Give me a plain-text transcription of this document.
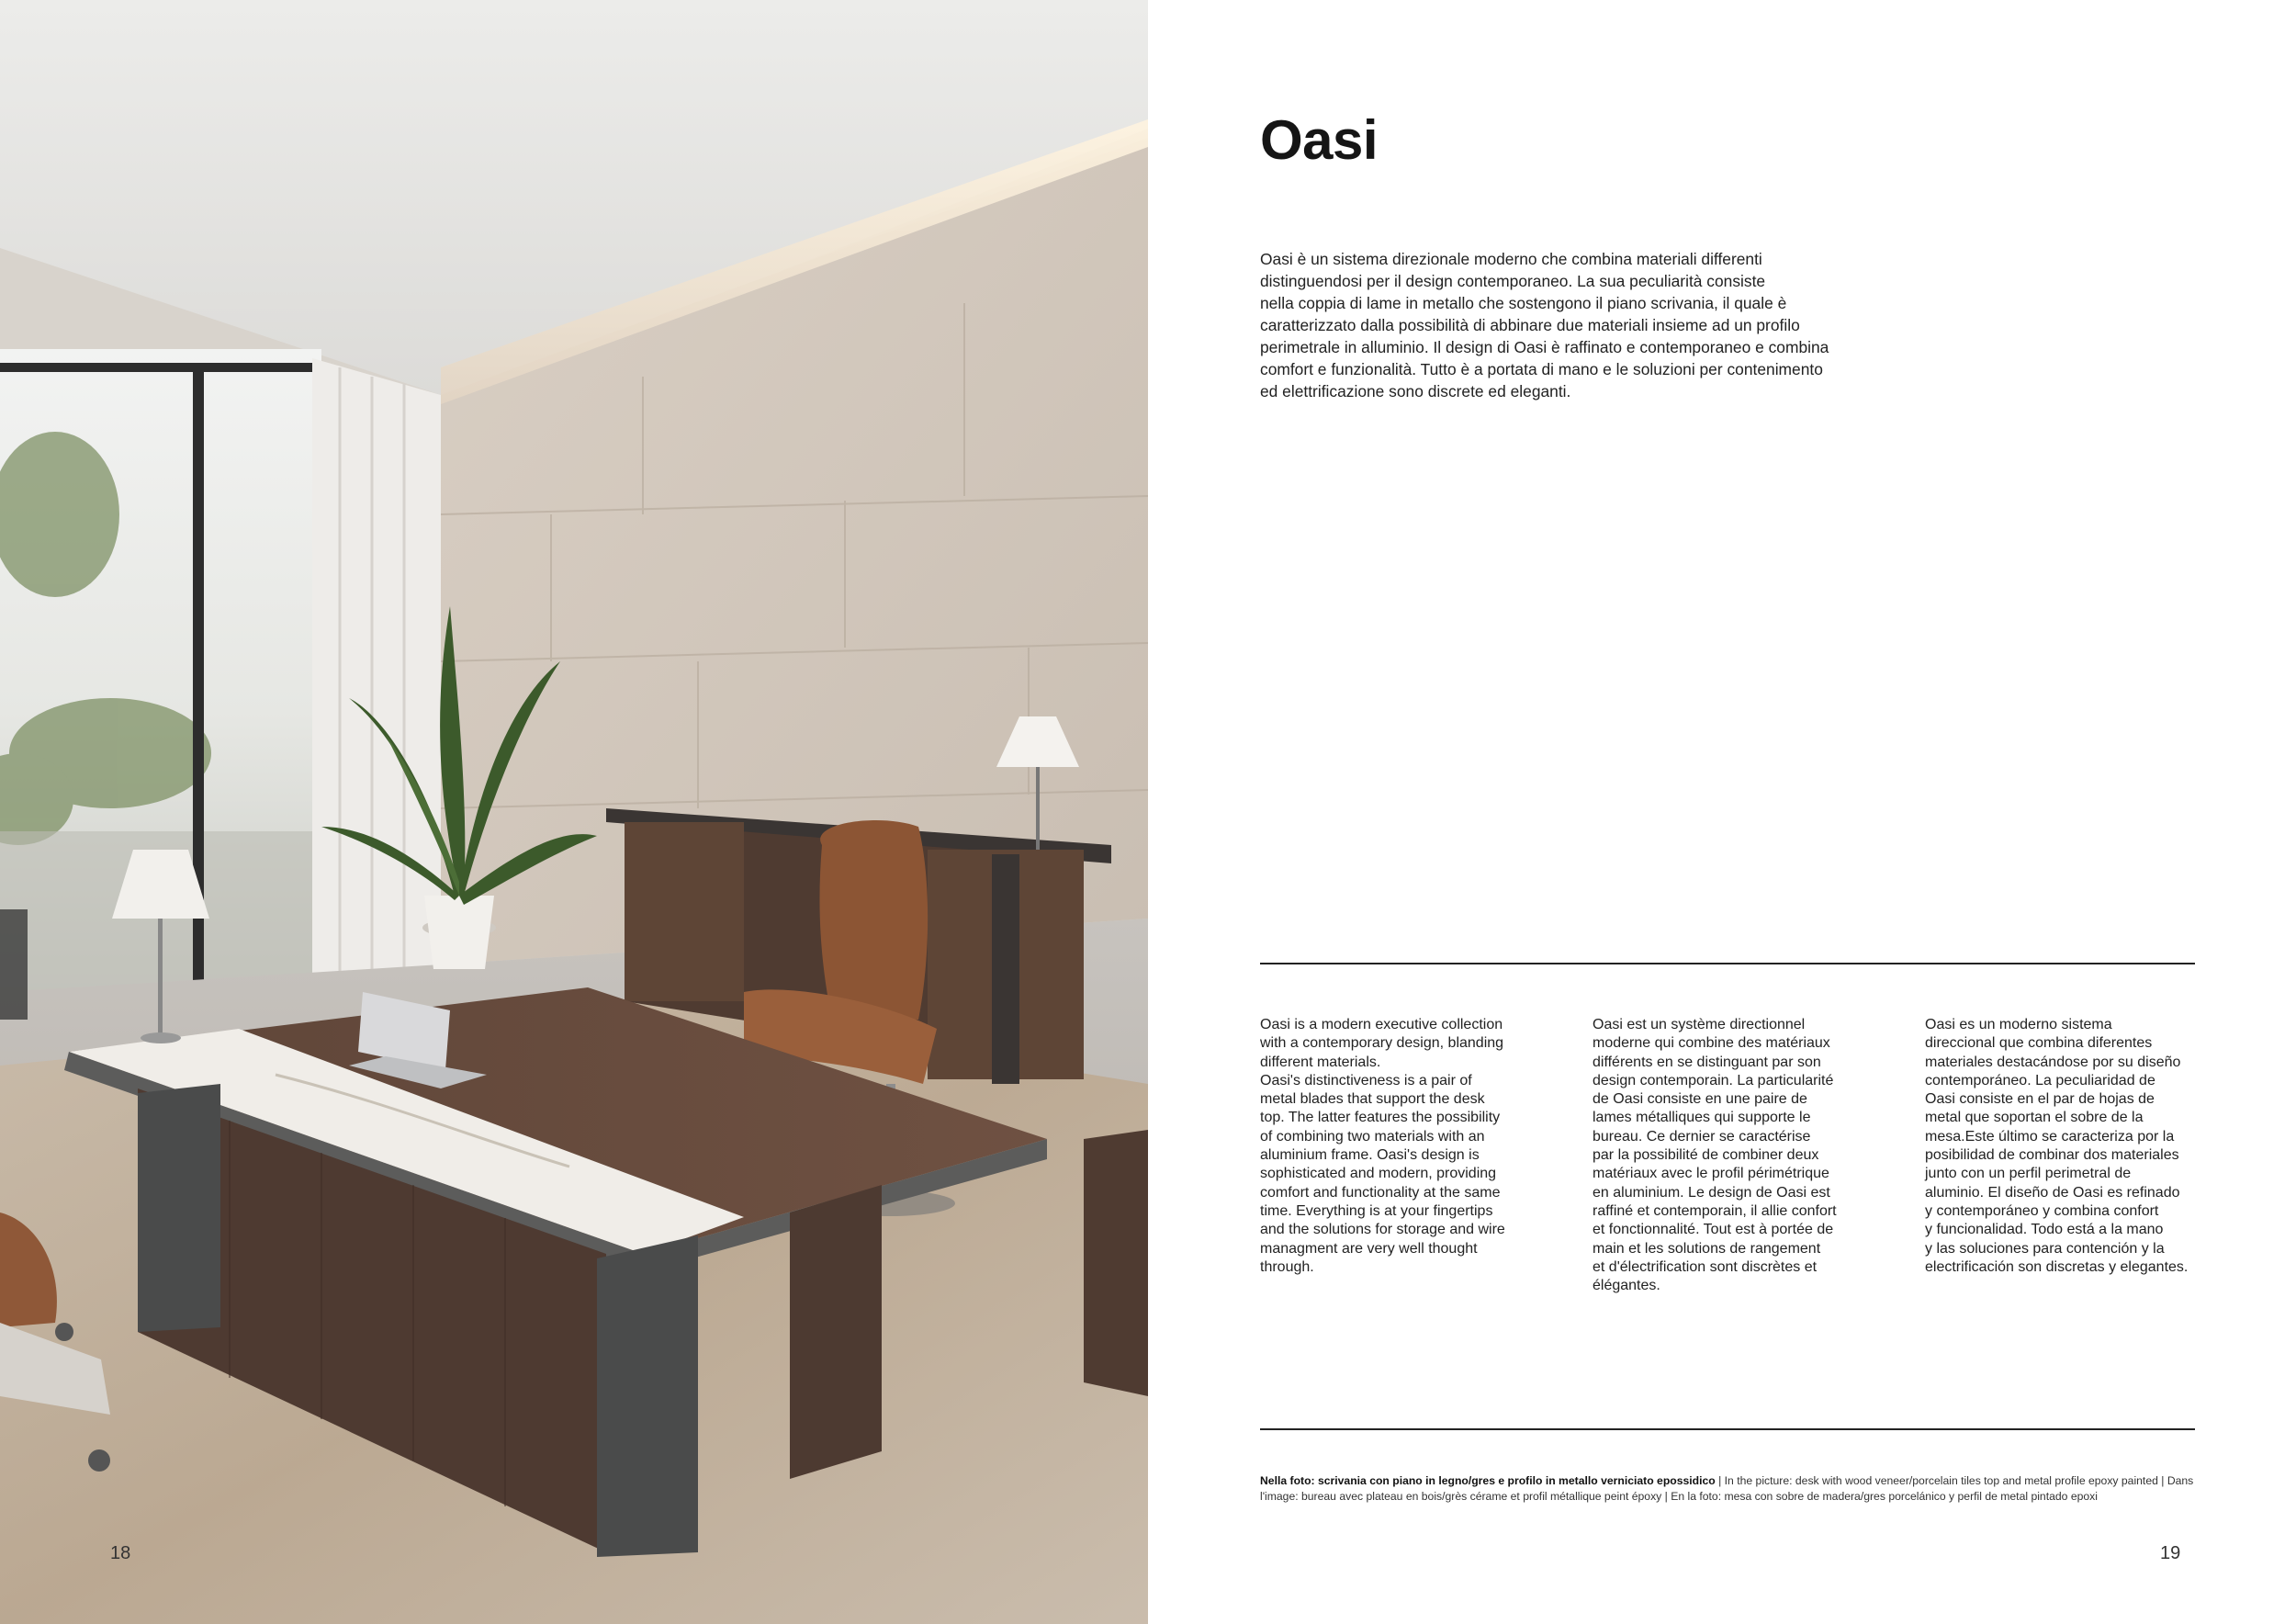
18
Oasi
Oasi è un sistema direzionale moderno che combina materiali differenti
distinguendosi per il design contemporaneo. La sua peculiarità consiste
nella coppia di lame in metallo che sostengono il piano scrivania, il quale è
caratterizzato dalla possibilità di abbinare due materiali insieme ad un profilo
perimetrale in alluminio. Il design di Oasi è raffinato e contemporaneo e combina
comfort e funzionalità. Tutto è a portata di mano e le soluzioni per contenimento
ed elettrificazione sono discrete ed eleganti.
Oasi is a modern executive collection
with a contemporary design, blanding
different materials.
Oasi's distinctiveness is a pair of
metal blades that support the desk
top. The latter features the possibility
of combining two materials with an
aluminium frame. Oasi's design is
sophisticated and modern, providing
comfort and functionality at the same
time. Everything is at your fingertips
and the solutions for storage and wire
managment are very well thought
through.
Oasi est un système directionnel
moderne qui combine des matériaux
différents en se distinguant par son
design contemporain. La particularité
de Oasi consiste en une paire de
lames métalliques qui supporte le
bureau. Ce dernier se caractérise
par la possibilité de combiner deux
matériaux avec le profil périmétrique
en aluminium. Le design de Oasi est
raffiné et contemporain, il allie confort
et fonctionnalité. Tout est à portée de
main et les solutions de rangement
et d'électrification sont discrètes et
élégantes.
Oasi es un moderno sistema
direccional que combina diferentes
materiales destacándose por su diseño
contemporáneo. La peculiaridad de
Oasi consiste en el par de hojas de
metal que soportan el sobre de la
mesa.Este último se caracteriza por la
posibilidad de combinar dos materiales
junto con un perfil perimetral de
aluminio. El diseño de Oasi es refinado
y contemporáneo y combina confort
y funcionalidad. Todo está a la mano
y las soluciones para contención y la
electrificación son discretas y elegantes.
Nella foto: scrivania con piano in legno/gres e profilo in metallo verniciato epossidico | In the picture: desk with wood veneer/porcelain tiles top and metal profile epoxy painted | Dans l'image: bureau avec plateau en bois/grès cérame et profil métallique peint époxy | En la foto: mesa con sobre de madera/gres porcelánico y perfil de metal pintado epoxi
19
